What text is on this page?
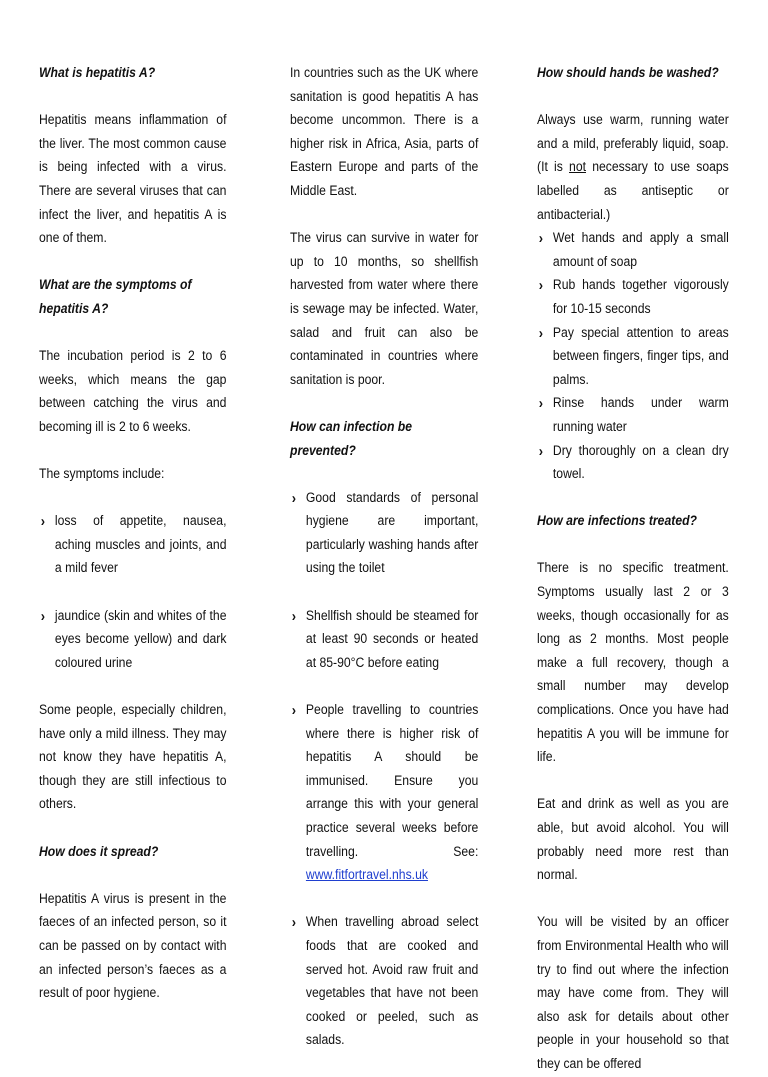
What is hepatitis A?

Hepatitis means inflammation of the liver. The most common cause is being infected with a virus. There are several viruses that can infect the liver, and hepatitis A is one of them.

What are the symptoms of hepatitis A?

The incubation period is 2 to 6 weeks, which means the gap between catching the virus and becoming ill is 2 to 6 weeks.

The symptoms include:

› loss of appetite, nausea, aching muscles and joints, and a mild fever
› jaundice (skin and whites of the eyes become yellow) and dark coloured urine

Some people, especially children, have only a mild illness. They may not know they have hepatitis A, though they are still infectious to others.

How does it spread?

Hepatitis A virus is present in the faeces of an infected person, so it can be passed on by contact with an infected person’s faeces as a result of poor hygiene.

In countries such as the UK where sanitation is good hepatitis A has become uncommon. There is a higher risk in Africa, Asia, parts of Eastern Europe and parts of the Middle East.

The virus can survive in water for up to 10 months, so shellfish harvested from water where there is sewage may be infected. Water, salad and fruit can also be contaminated in countries where sanitation is poor.

How can infection be prevented?

› Good standards of personal hygiene are important, particularly washing hands after using the toilet
› Shellfish should be steamed for at least 90 seconds or heated at 85-90°C before eating
› People travelling to countries where there is higher risk of hepatitis A should be immunised. Ensure you arrange this with your general practice several weeks before travelling. See: www.fitfortravel.nhs.uk
› When travelling abroad select foods that are cooked and served hot. Avoid raw fruit and vegetables that have not been cooked or peeled, such as salads.

How should hands be washed?

Always use warm, running water and a mild, preferably liquid, soap. (It is not necessary to use soaps labelled as antiseptic or antibacterial.)

› Wet hands and apply a small amount of soap
› Rub hands together vigorously for 10-15 seconds
› Pay special attention to areas between fingers, finger tips, and palms.
› Rinse hands under warm running water
› Dry thoroughly on a clean dry towel.

How are infections treated?

There is no specific treatment. Symptoms usually last 2 or 3 weeks, though occasionally for as long as 2 months. Most people make a full recovery, though a small number may develop complications. Once you have had hepatitis A you will be immune for life.

Eat and drink as well as you are able, but avoid alcohol. You will probably need more rest than normal.

You will be visited by an officer from Environmental Health who will try to find out where the infection may have come from. They will also ask for details about other people in your household so that they can be offered
